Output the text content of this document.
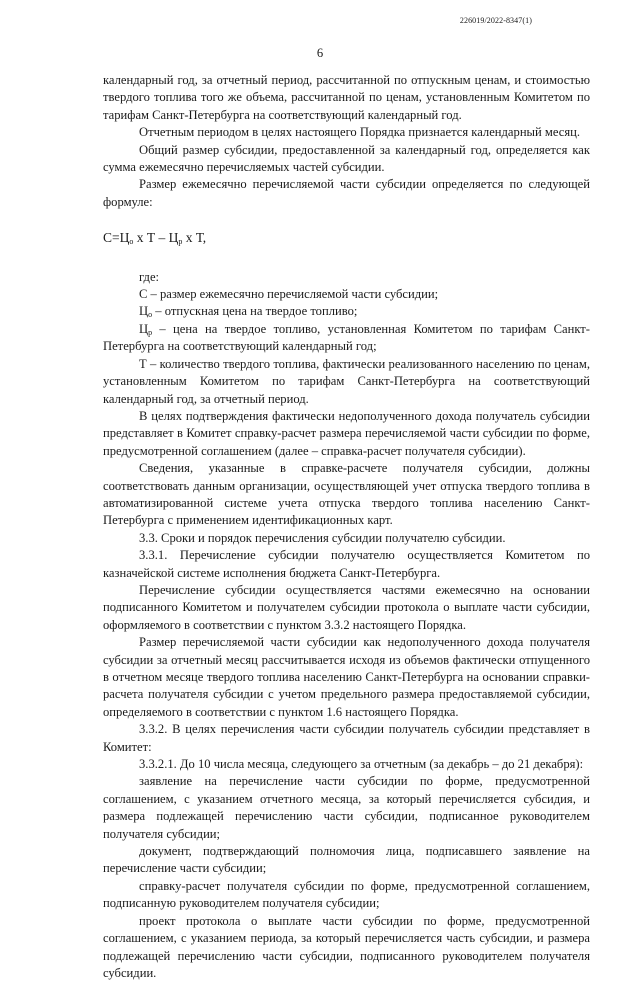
226019/2022-8347(1)
6

календарный год, за отчетный период, рассчитанной по отпускным ценам, и стоимостью твердого топлива того же объема, рассчитанной по ценам, установленным Комитетом по тарифам Санкт-Петербурга на соответствующий календарный год.

Отчетным периодом в целях настоящего Порядка признается календарный месяц.

Общий размер субсидии, предоставленной за календарный год, определяется как сумма ежемесячно перечисляемых частей субсидии.

Размер ежемесячно перечисляемой части субсидии определяется по следующей формуле:

$С=Ц_о$ х Т – $Ц_р$ х Т,

где:

С – размер ежемесячно перечисляемой части субсидии;

$Ц_о$ – отпускная цена на твердое топливо;

$Ц_р$ – цена на твердое топливо, установленная Комитетом по тарифам Санкт-Петербурга на соответствующий календарный год;

Т – количество твердого топлива, фактически реализованного населению по ценам, установленным Комитетом по тарифам Санкт-Петербурга на соответствующий календарный год, за отчетный период.

В целях подтверждения фактически недополученного дохода получатель субсидии представляет в Комитет справку-расчет размера перечисляемой части субсидии по форме, предусмотренной соглашением (далее – справка-расчет получателя субсидии).

Сведения, указанные в справке-расчете получателя субсидии, должны соответствовать данным организации, осуществляющей учет отпуска твердого топлива в автоматизированной системе учета отпуска твердого топлива населению Санкт-Петербурга с применением идентификационных карт.

3.3. Сроки и порядок перечисления субсидии получателю субсидии.

3.3.1. Перечисление субсидии получателю осуществляется Комитетом по казначейской системе исполнения бюджета Санкт-Петербурга.

Перечисление субсидии осуществляется частями ежемесячно на основании подписанного Комитетом и получателем субсидии протокола о выплате части субсидии, оформляемого в соответствии с пунктом 3.3.2 настоящего Порядка.

Размер перечисляемой части субсидии как недополученного дохода получателя субсидии за отчетный месяц рассчитывается исходя из объемов фактически отпущенного в отчетном месяце твердого топлива населению Санкт-Петербурга на основании справки-расчета получателя субсидии с учетом предельного размера предоставляемой субсидии, определяемого в соответствии с пунктом 1.6 настоящего Порядка.

3.3.2. В целях перечисления части субсидии получатель субсидии представляет в Комитет:

3.3.2.1. До 10 числа месяца, следующего за отчетным (за декабрь – до 21 декабря):

заявление на перечисление части субсидии по форме, предусмотренной соглашением, с указанием отчетного месяца, за который перечисляется субсидия, и размера подлежащей перечислению части субсидии, подписанное руководителем получателя субсидии;

документ, подтверждающий полномочия лица, подписавшего заявление на перечисление части субсидии;

справку-расчет получателя субсидии по форме, предусмотренной соглашением, подписанную руководителем получателя субсидии;

проект протокола о выплате части субсидии по форме, предусмотренной соглашением, с указанием периода, за который перечисляется часть субсидии, и размера подлежащей перечислению части субсидии, подписанного руководителем получателя субсидии.
